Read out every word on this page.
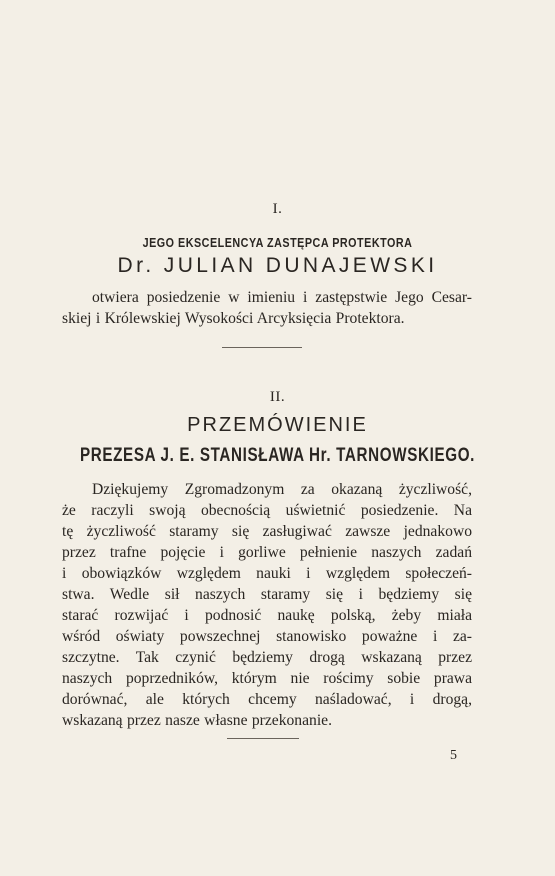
I.
JEGO EKSCELENCYA ZASTĘPCA PROTEKTORA
Dr. JULIAN DUNAJEWSKI
otwiera posiedzenie w imieniu i zastępstwie Jego Cesar-
skiej i Królewskiej Wysokości Arcyksięcia Protektora.
II.
PRZEMÓWIENIE
PREZESA J. E. STANISŁAWA Hr. TARNOWSKIEGO.
Dziękujemy Zgromadzonym za okazaną życzliwość,
że raczyli swoją obecnością uświetnić posiedzenie. Na
tę życzliwość staramy się zasługiwać zawsze jednakowo
przez trafne pojęcie i gorliwe pełnienie naszych zadań
i obowiązków względem nauki i względem społeczeń-
stwa. Wedle sił naszych staramy się i będziemy się
starać rozwijać i podnosić naukę polską, żeby miała
wśród oświaty powszechnej stanowisko poważne i za-
szczytne. Tak czynić będziemy drogą wskazaną przez
naszych poprzedników, którym nie rościmy sobie prawa
dorównać, ale których chcemy naśladować, i drogą,
wskazaną przez nasze własne przekonanie.
5
